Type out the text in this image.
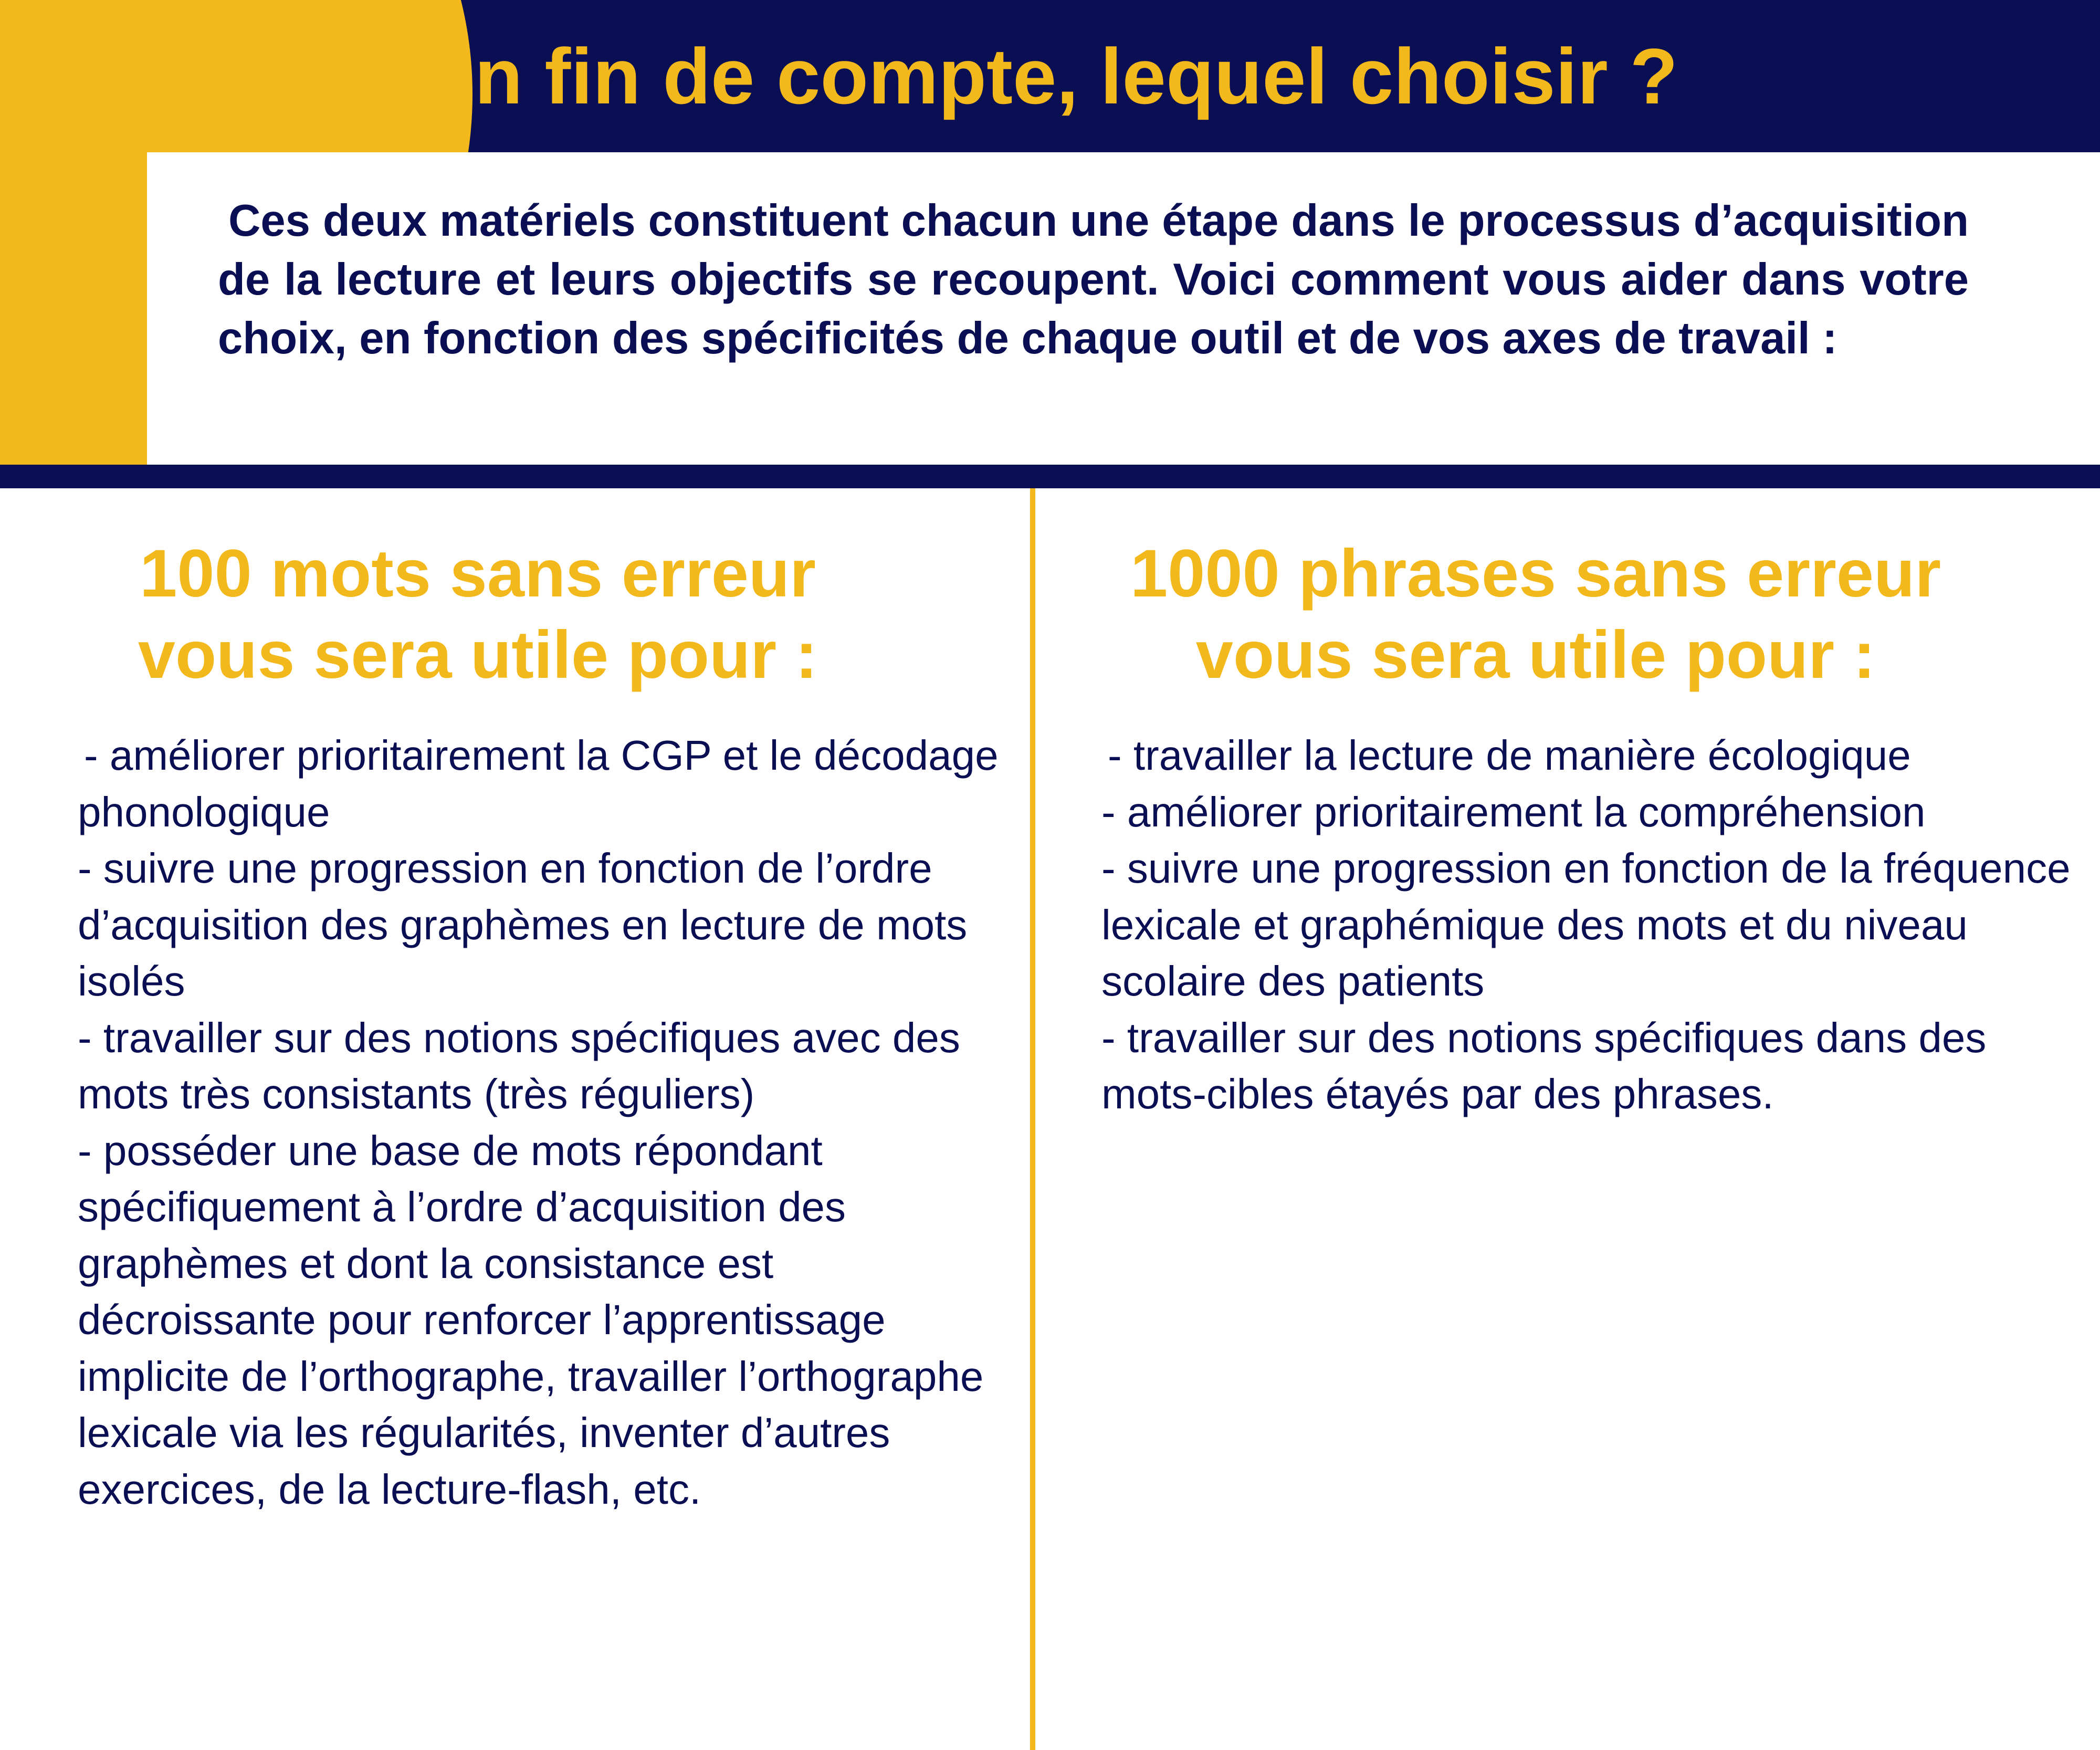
En fin de compte, lequel choisir ?

Ces deux matériels constituent chacun une étape dans le processus d’acquisition de la lecture et leurs objectifs se recoupent. Voici comment vous aider dans votre choix, en fonction des spécificités de chaque outil et de vos axes de travail :

100 mots sans erreur
vous sera utile pour :
- améliorer prioritairement la CGP et le décodage phonologique
- suivre une progression en fonction de l’ordre d’acquisition des graphèmes en lecture de mots isolés
- travailler sur des notions spécifiques avec des mots très consistants (très réguliers)
- posséder une base de mots répondant spécifiquement à l’ordre d’acquisition des graphèmes et dont la consistance est décroissante pour renforcer l’apprentissage implicite de l’orthographe, travailler l’orthographe lexicale via les régularités, inventer d’autres exercices, de la lecture-flash, etc.
1000 phrases sans erreur
vous sera utile pour :
- travailler la lecture de manière écologique
- améliorer prioritairement la compréhension
- suivre une progression en fonction de la fréquence lexicale et graphémique des mots et du niveau scolaire des patients
- travailler sur des notions spécifiques dans des mots-cibles étayés par des phrases.
